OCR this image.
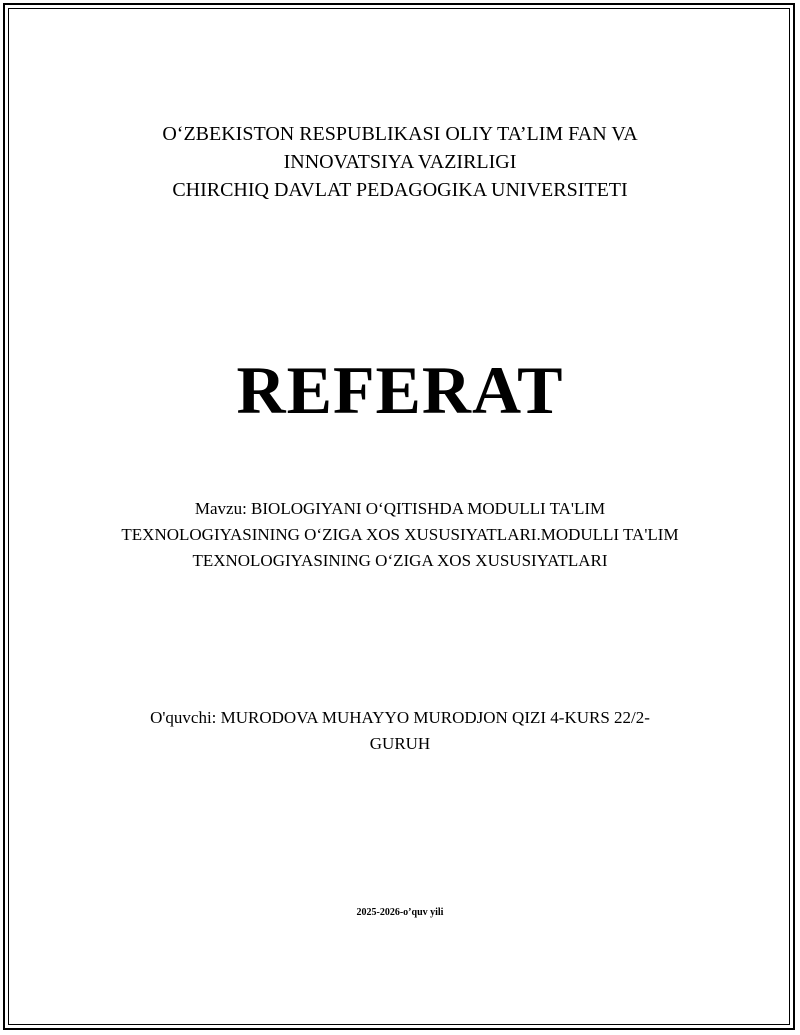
O‘ZBEKISTON RESPUBLIKASI OLIY TA’LIM FAN VA
INNOVATSIYA VAZIRLIGI
CHIRCHIQ DAVLAT PEDAGOGIKA UNIVERSITETI
REFERAT
Mavzu: BIOLOGIYANI O‘QITISHDA MODULLI TA'LIM TEXNOLOGIYASINING O‘ZIGA XOS XUSUSIYATLARI.MODULLI TA'LIM TEXNOLOGIYASINING O‘ZIGA XOS XUSUSIYATLARI
O'quvchi: MURODOVA MUHAYYO MURODJON QIZI 4-KURS 22/2-GURUH
2025-2026-o’quv yili
